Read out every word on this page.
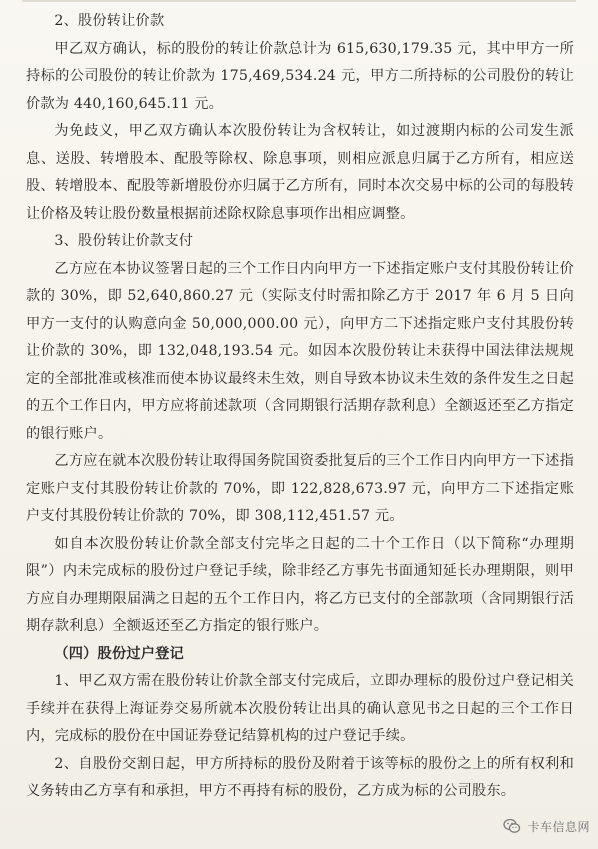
2、股份转让价款

甲乙双方确认，标的股份的转让价款总计为 615,630,179.35 元，其中甲方一所持标的公司股份的转让价款为 175,469,534.24 元，甲方二所持标的公司股份的转让价款为 440,160,645.11 元。

为免歧义，甲乙双方确认本次股份转让为含权转让，如过渡期内标的公司发生派息、送股、转增股本、配股等除权、除息事项，则相应派息归属于乙方所有，相应送股、转增股本、配股等新增股份亦归属于乙方所有，同时本次交易中标的公司的每股转让价格及转让股份数量根据前述除权除息事项作出相应调整。

3、股份转让价款支付

乙方应在本协议签署日起的三个工作日内向甲方一下述指定账户支付其股份转让价款的 30%，即 52,640,860.27 元（实际支付时需扣除乙方于 2017 年 6 月 5 日向甲方一支付的认购意向金 50,000,000.00 元），向甲方二下述指定账户支付其股份转让价款的 30%，即 132,048,193.54 元。如因本次股份转让未获得中国法律法规规定的全部批准或核准而使本协议最终未生效，则自导致本协议未生效的条件发生之日起的五个工作日内，甲方应将前述款项（含同期银行活期存款利息）全额返还至乙方指定的银行账户。

乙方应在就本次股份转让取得国务院国资委批复后的三个工作日内向甲方一下述指定账户支付其股份转让价款的 70%，即 122,828,673.97 元，向甲方二下述指定账户支付其股份转让价款的 70%，即 308,112,451.57 元。

如自本次股份转让价款全部支付完毕之日起的二十个工作日（以下简称“办理期限”）内未完成标的股份过户登记手续，除非经乙方事先书面通知延长办理期限，则甲方应自办理期限届满之日起的五个工作日内，将乙方已支付的全部款项（含同期银行活期存款利息）全额返还至乙方指定的银行账户。

（四）股份过户登记

1、甲乙双方需在股份转让价款全部支付完成后，立即办理标的股份过户登记相关手续并在获得上海证券交易所就本次股份转让出具的确认意见书之日起的三个工作日内，完成标的股份在中国证券登记结算机构的过户登记手续。

2、自股份交割日起，甲方所持标的股份及附着于该等标的股份之上的所有权利和义务转由乙方享有和承担，甲方不再持有标的股份，乙方成为标的公司股东。

卡车信息网
